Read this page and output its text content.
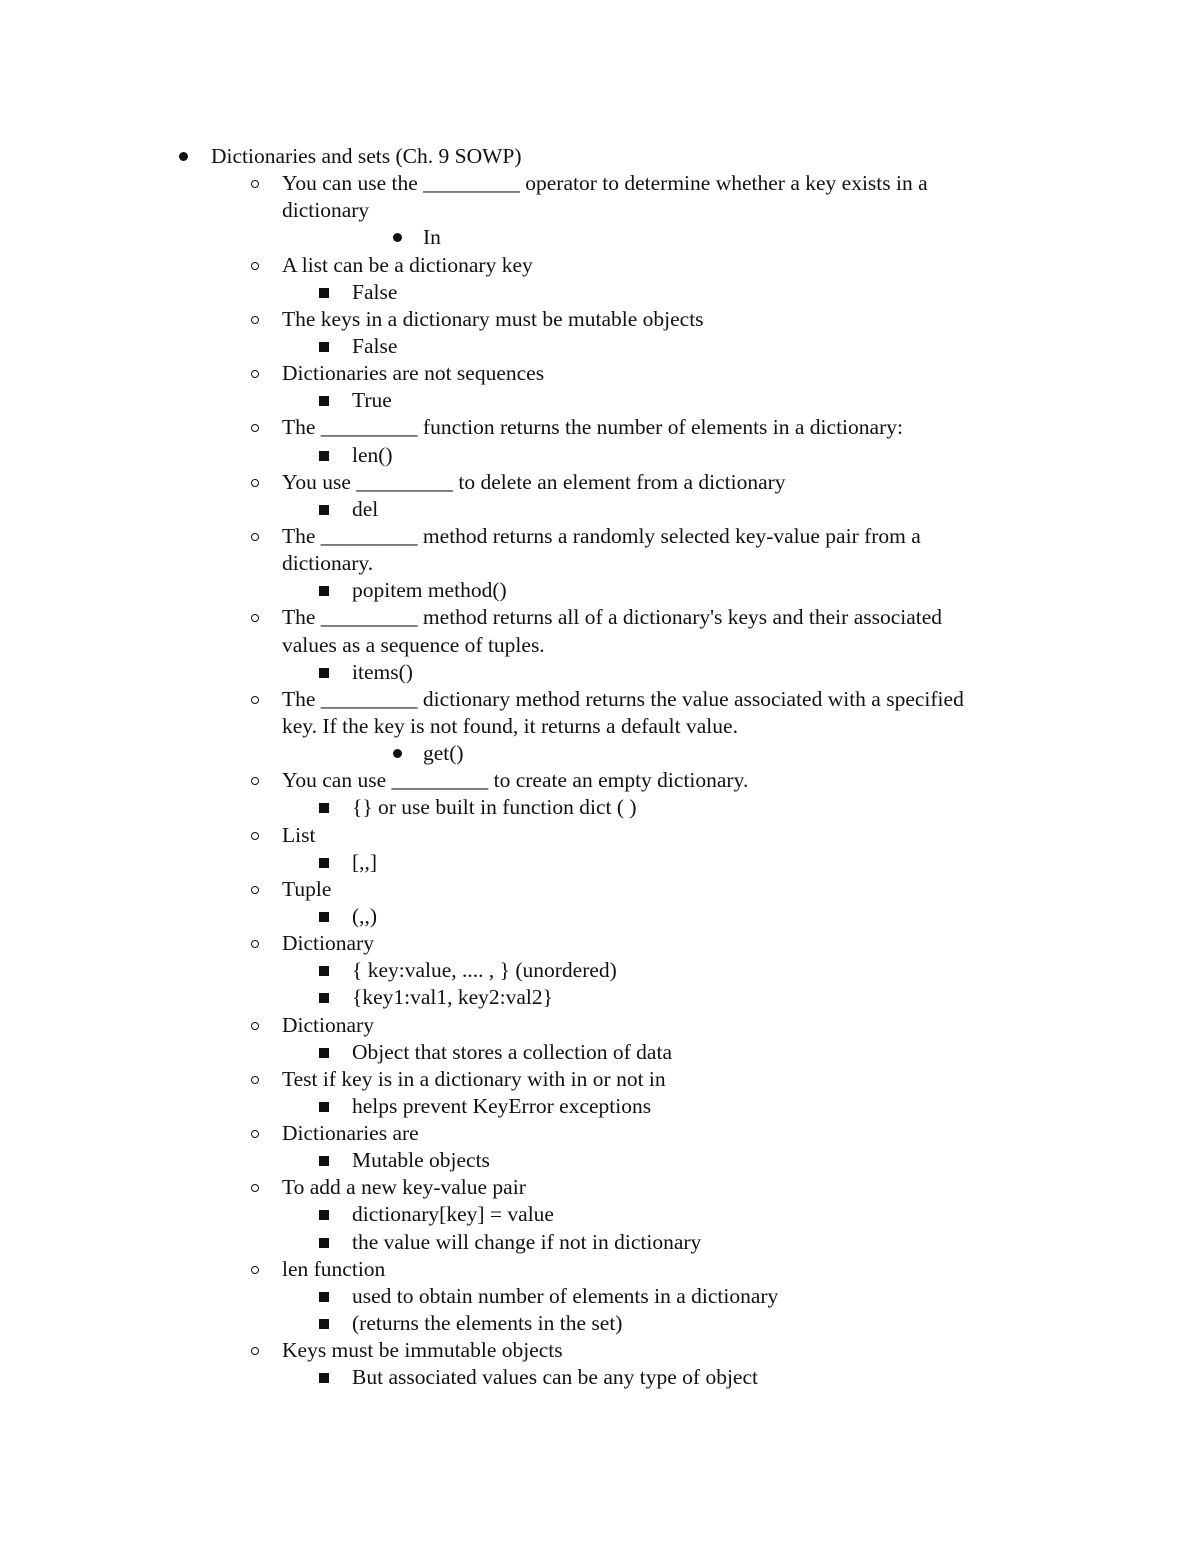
Dictionaries and sets (Ch. 9 SOWP)
You can use the _________ operator to determine whether a key exists in a
dictionary
In
A list can be a dictionary key
False
The keys in a dictionary must be mutable objects
False
Dictionaries are not sequences
True
The _________ function returns the number of elements in a dictionary:
len()
You use _________ to delete an element from a dictionary
del
The _________ method returns a randomly selected key-value pair from a
dictionary.
popitem method()
The _________ method returns all of a dictionary's keys and their associated
values as a sequence of tuples.
items()
The _________ dictionary method returns the value associated with a specified
key. If the key is not found, it returns a default value.
get()
You can use _________ to create an empty dictionary.
{} or use built in function dict ( )
List
[,,]
Tuple
(,,)
Dictionary
{ key:value, .... , } (unordered)
{key1:val1, key2:val2}
Dictionary
Object that stores a collection of data
Test if key is in a dictionary with in or not in
helps prevent KeyError exceptions
Dictionaries are
Mutable objects
To add a new key-value pair
dictionary[key] = value
the value will change if not in dictionary
len function
used to obtain number of elements in a dictionary
(returns the elements in the set)
Keys must be immutable objects
But associated values can be any type of object
